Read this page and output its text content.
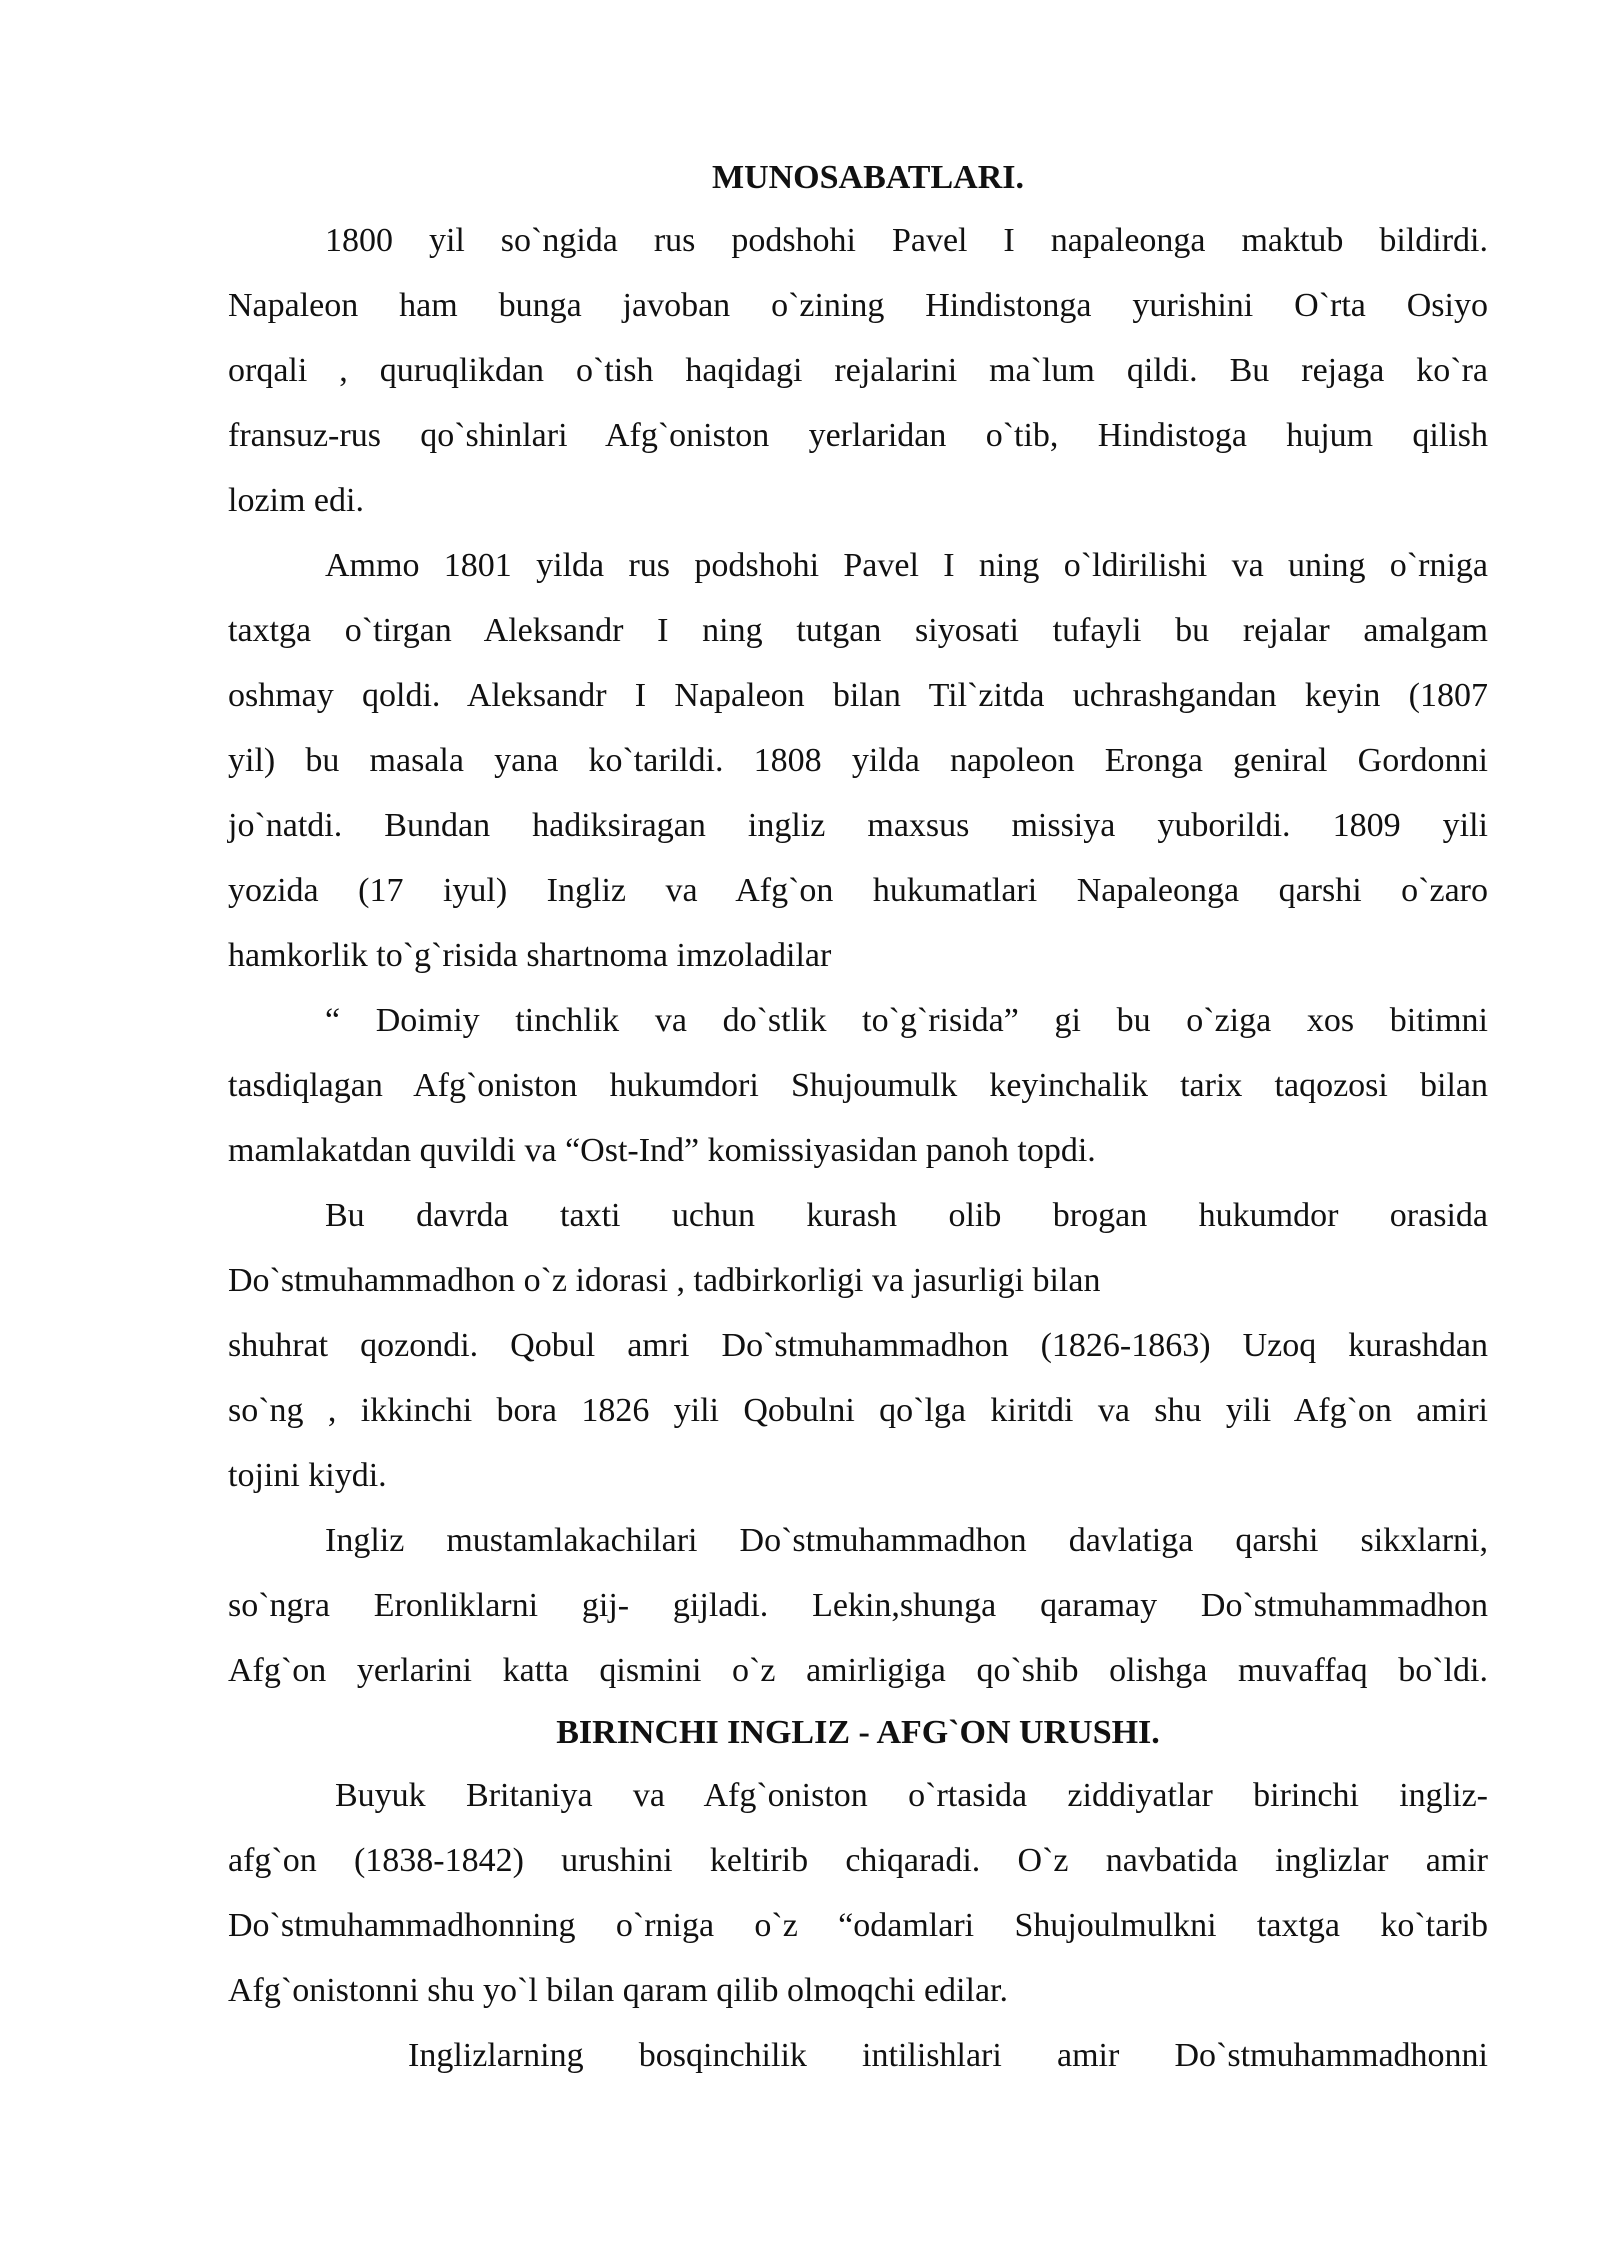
MUNOSABATLARI.
1800 yil so`ngida rus podshohi Pavel I napaleonga maktub bildirdi.
Napaleon ham bunga javoban o`zining Hindistonga yurishini O`rta Osiyo
orqali , quruqlikdan o`tish haqidagi rejalarini ma`lum qildi. Bu rejaga ko`ra
fransuz-rus qo`shinlari Afg`oniston yerlaridan o`tib, Hindistoga hujum qilish
lozim edi.
Ammo 1801 yilda rus podshohi Pavel I ning o`ldirilishi va uning o`rniga
taxtga o`tirgan Aleksandr I ning tutgan siyosati tufayli bu rejalar amalgam
oshmay qoldi. Aleksandr I Napaleon bilan Til`zitda uchrashgandan keyin (1807
yil) bu masala yana ko`tarildi. 1808 yilda napoleon Eronga geniral Gordonni
jo`natdi. Bundan hadiksiragan ingliz maxsus missiya yuborildi. 1809 yili
yozida (17 iyul) Ingliz va Afg`on hukumatlari Napaleonga qarshi o`zaro
hamkorlik to`g`risida shartnoma imzoladilar
“ Doimiy tinchlik va do`stlik to`g`risida” gi bu o`ziga xos bitimni
tasdiqlagan Afg`oniston hukumdori Shujoumulk keyinchalik tarix taqozosi bilan
mamlakatdan quvildi va “Ost-Ind” komissiyasidan panoh topdi.
Bu davrda taxti uchun kurash olib brogan hukumdor orasida
Do`stmuhammadhon o`z idorasi , tadbirkorligi va jasurligi bilan
shuhrat qozondi. Qobul amri Do`stmuhammadhon (1826-1863) Uzoq kurashdan
so`ng , ikkinchi bora 1826 yili Qobulni qo`lga kiritdi va shu yili Afg`on amiri
tojini kiydi.
Ingliz mustamlakachilari Do`stmuhammadhon davlatiga qarshi sikxlarni,
so`ngra Eronliklarni gij- gijladi. Lekin,shunga qaramay Do`stmuhammadhon
Afg`on yerlarini katta qismini o`z amirligiga qo`shib olishga muvaffaq bo`ldi.
BIRINCHI INGLIZ - AFG`ON URUSHI.
Buyuk Britaniya va Afg`oniston o`rtasida ziddiyatlar birinchi ingliz-
afg`on (1838-1842) urushini keltirib chiqaradi. O`z navbatida inglizlar amir
Do`stmuhammadhonning o`rniga o`z “odamlari Shujoulmulkni taxtga ko`tarib
Afg`onistonni shu yo`l bilan qaram qilib olmoqchi edilar.
Inglizlarning bosqinchilik intilishlari amir Do`stmuhammadhonni
